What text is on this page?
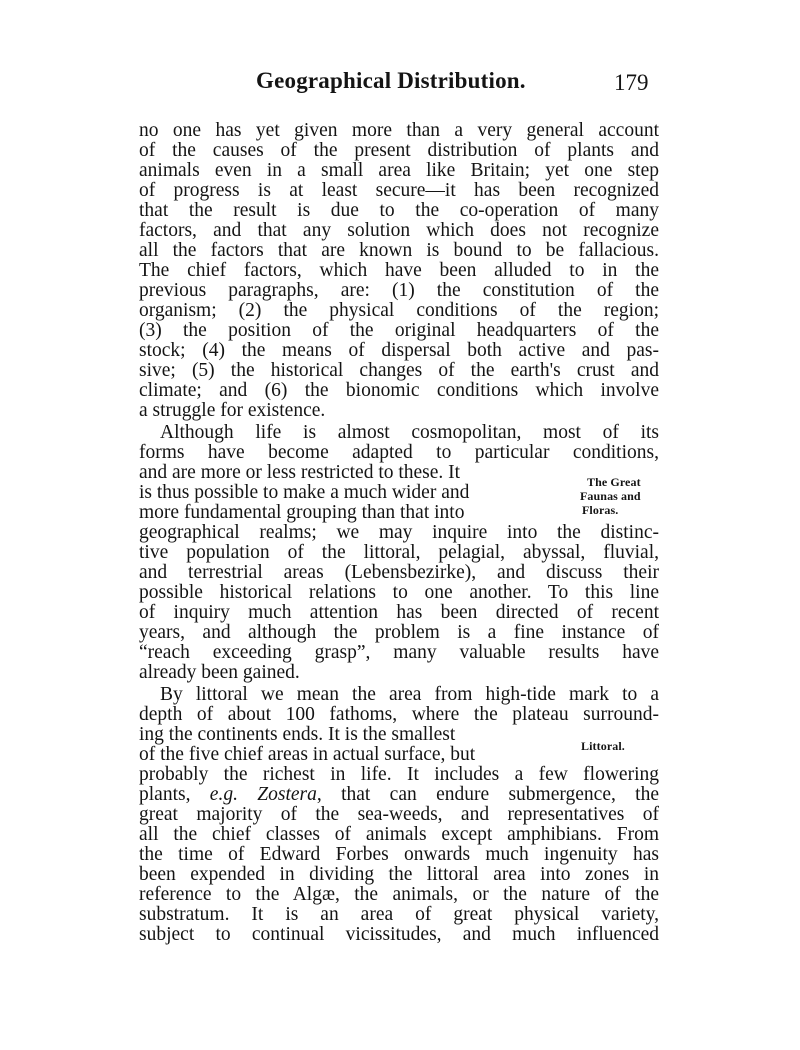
Geographical Distribution.	179
no one has yet given more than a very general account
of the causes of the present distribution of plants and
animals even in a small area like Britain; yet one step
of progress is at least secure—it has been recognized
that the result is due to the co-operation of many
factors, and that any solution which does not recognize
all the factors that are known is bound to be fallacious.
The chief factors, which have been alluded to in the
previous paragraphs, are: (1) the constitution of the
organism; (2) the physical conditions of the region;
(3) the position of the original headquarters of the
stock; (4) the means of dispersal both active and pas-
sive; (5) the historical changes of the earth's crust and
climate; and (6) the bionomic conditions which involve
a struggle for existence.
Although life is almost cosmopolitan, most of its
forms have become adapted to particular conditions,
and are more or less restricted to these. It
is thus possible to make a much wider and
more fundamental grouping than that into
geographical realms; we may inquire into the distinc-
tive population of the littoral, pelagial, abyssal, fluvial,
and terrestrial areas (Lebensbezirke), and discuss their
possible historical relations to one another. To this line
of inquiry much attention has been directed of recent
years, and although the problem is a fine instance of
“reach exceeding grasp”, many valuable results have
already been gained.
By littoral we mean the area from high-tide mark to a
depth of about 100 fathoms, where the plateau surround-
ing the continents ends. It is the smallest
of the five chief areas in actual surface, but
probably the richest in life. It includes a few flowering
plants, e.g. Zostera, that can endure submergence, the
great majority of the sea-weeds, and representatives of
all the chief classes of animals except amphibians. From
the time of Edward Forbes onwards much ingenuity has
been expended in dividing the littoral area into zones in
reference to the Algæ, the animals, or the nature of the
substratum. It is an area of great physical variety,
subject to continual vicissitudes, and much influenced
The Great
Faunas and
Floras.
Littoral.
